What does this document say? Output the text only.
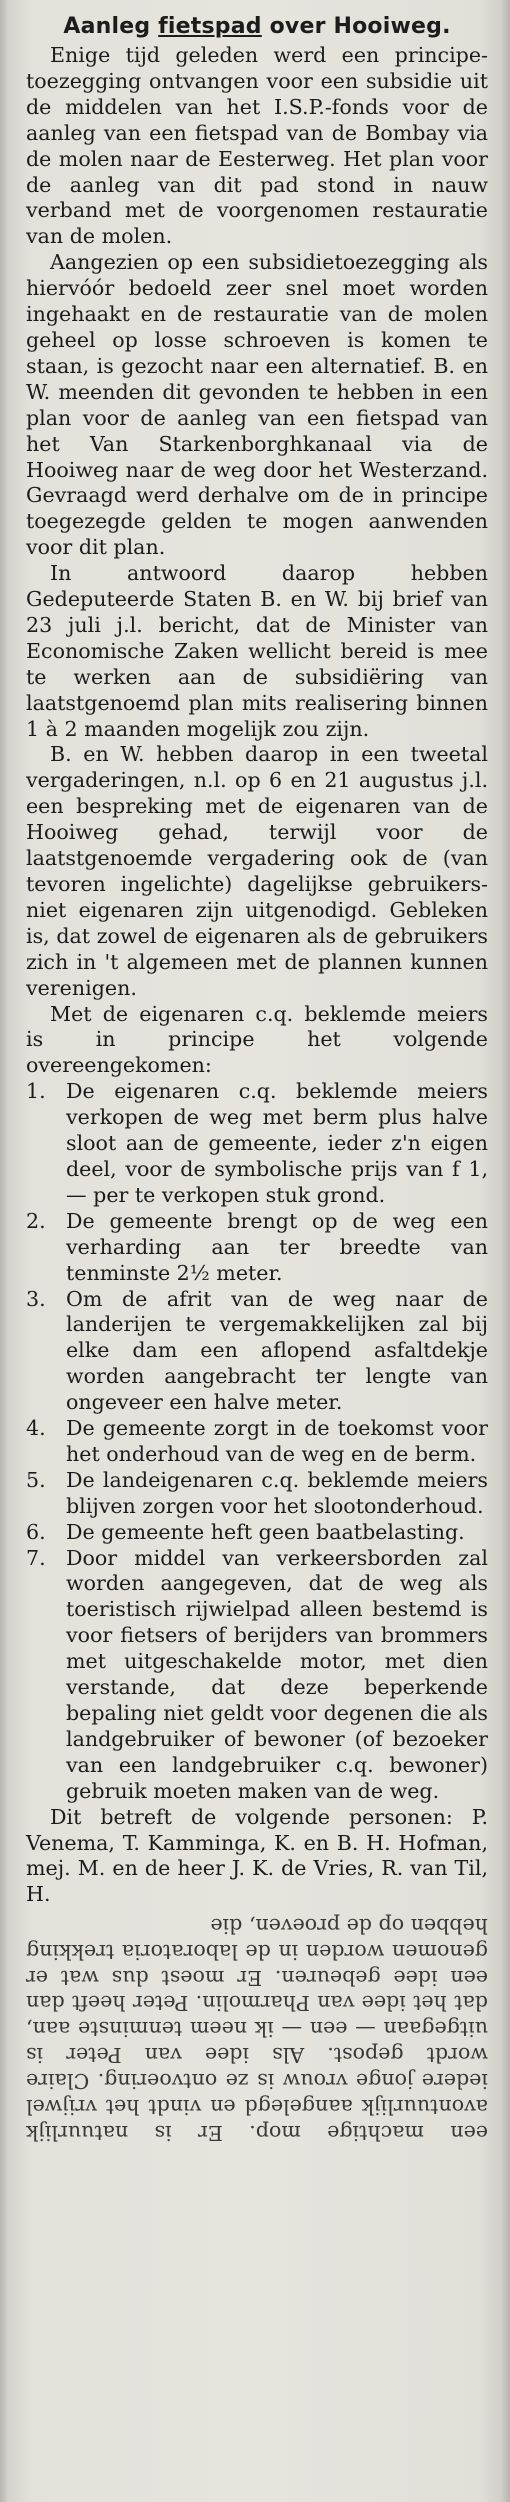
Aanleg fietspad over Hooiweg.

Enige tijd geleden werd een principe-toezegging ontvangen voor een subsidie uit de middelen van het I.S.P.-fonds voor de aanleg van een fietspad van de Bombay via de molen naar de Eesterweg. Het plan voor de aanleg van dit pad stond in nauw verband met de voorgenomen restauratie van de molen.

Aangezien op een subsidietoezegging als hiervóór bedoeld zeer snel moet worden ingehaakt en de restauratie van de molen geheel op losse schroeven is komen te staan, is gezocht naar een alternatief. B. en W. meenden dit gevonden te hebben in een plan voor de aanleg van een fietspad van het Van Starkenborghkanaal via de Hooiweg naar de weg door het Westerzand. Gevraagd werd derhalve om de in principe toegezegde gelden te mogen aanwenden voor dit plan.

In antwoord daarop hebben Gedeputeerde Staten B. en W. bij brief van 23 juli j.l. bericht, dat de Minister van Economische Zaken wellicht bereid is mee te werken aan de subsidiëring van laatstgenoemd plan mits realisering binnen 1 à 2 maanden mogelijk zou zijn.

B. en W. hebben daarop in een tweetal vergaderingen, n.l. op 6 en 21 augustus j.l. een bespreking met de eigenaren van de Hooiweg gehad, terwijl voor de laatstgenoemde vergadering ook de (van tevoren ingelichte) dagelijkse gebruikers-niet eigenaren zijn uitgenodigd. Gebleken is, dat zowel de eigenaren als de gebruikers zich in 't algemeen met de plannen kunnen verenigen.

Met de eigenaren c.q. beklemde meiers is in principe het volgende overeengekomen:

1. De eigenaren c.q. beklemde meiers verkopen de weg met berm plus halve sloot aan de gemeente, ieder z'n eigen deel, voor de symbolische prijs van f 1,— per te verkopen stuk grond.
2. De gemeente brengt op de weg een verharding aan ter breedte van tenminste 2½ meter.
3. Om de afrit van de weg naar de landerijen te vergemakkelijken zal bij elke dam een aflopend asfaltdekje worden aangebracht ter lengte van ongeveer een halve meter.
4. De gemeente zorgt in de toekomst voor het onderhoud van de weg en de berm.
5. De landeigenaren c.q. beklemde meiers blijven zorgen voor het slootonderhoud.
6. De gemeente heft geen baatbelasting.
7. Door middel van verkeersborden zal worden aangegeven, dat de weg als toeristisch rijwielpad alleen bestemd is voor fietsers of berijders van brommers met uitgeschakelde motor, met dien verstande, dat deze beperkende bepaling niet geldt voor degenen die als landgebruiker of bewoner (of bezoeker van een landgebruiker c.q. bewoner) gebruik moeten maken van de weg.

Dit betreft de volgende personen: P. Venema, T. Kamminga, K. en B. H. Hofman, mej. M. en de heer J. K. de Vries, R. van Til, H.

een machtige mop. Er is natuurlijk avontuurlijk aangelegd en vindt het vrijwel iedere jonge vrouw is ze ontvoering. Claire wordt gepost. Als idee van Peter is uitgegaan — een — ik neem tenminste aan, dat het idee van Pharmolin. Peter heeft dan een idee gebeuren. Er moest dus wat er genomen worden in de laboratoria trekking hebben op de proeven, die
